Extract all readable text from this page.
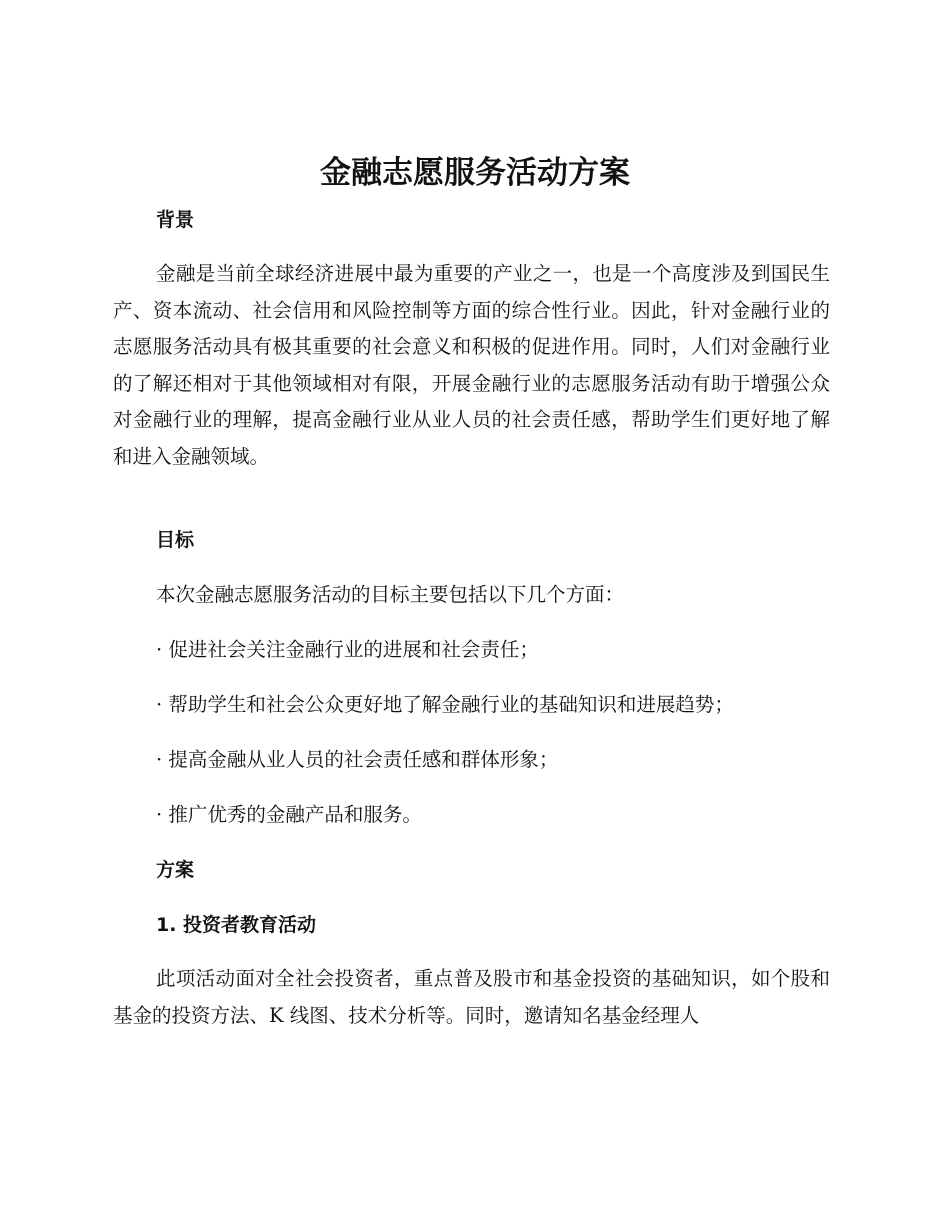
金融志愿服务活动方案
背景

金融是当前全球经济进展中最为重要的产业之一，也是一个高度涉及到国民生产、资本流动、社会信用和风险控制等方面的综合性行业。因此，针对金融行业的志愿服务活动具有极其重要的社会意义和积极的促进作用。同时，人们对金融行业的了解还相对于其他领域相对有限，开展金融行业的志愿服务活动有助于增强公众对金融行业的理解，提高金融行业从业人员的社会责任感，帮助学生们更好地了解和进入金融领域。

目标

本次金融志愿服务活动的目标主要包括以下几个方面：

· 促进社会关注金融行业的进展和社会责任；

· 帮助学生和社会公众更好地了解金融行业的基础知识和进展趋势；

· 提高金融从业人员的社会责任感和群体形象；

· 推广优秀的金融产品和服务。

方案
1. 投资者教育活动

此项活动面对全社会投资者，重点普及股市和基金投资的基础知识，如个股和基金的投资方法、K 线图、技术分析等。同时，邀请知名基金经理人
